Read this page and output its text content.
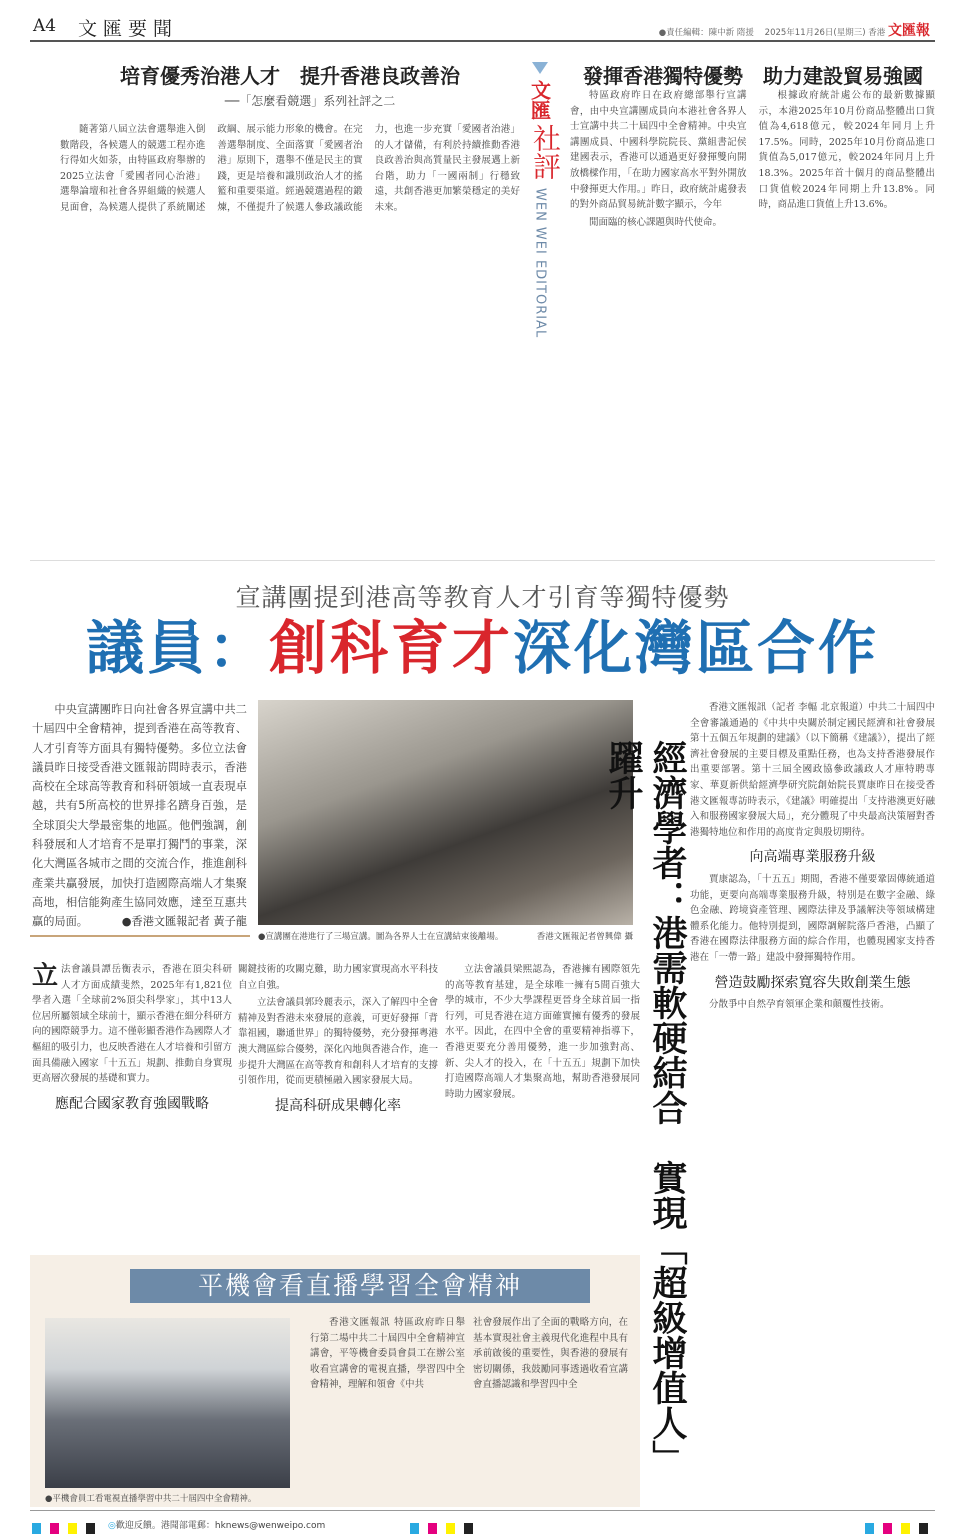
A4 文匯要聞	●責任編輯：陳中新 隋援 2025年11月26日(星期三) 香港 文匯報
培育優秀治港人才　提升香港良政善治
──「怎麼看競選」系列社評之二

隨著第八屆立法會選舉進入倒數階段，各候選人的競選工程亦進行得如火如荼，由特區政府舉辦的2025立法會「愛國者同心治港」選舉論壇和社會各界組織的候選人見面會，為候選人提供了系統闡述政綱、展示能力形象的機會。在完善選舉制度、全面落實「愛國者治港」原則下，選舉不僅是民主的實踐，更是培養和識別政治人才的搖籃和重要渠道。經過競選過程的鍛煉，不僅提升了候選人參政議政能力，也進一步充實「愛國者治港」的人才儲備，有利於持續推動香港良政善治與高質量民主發展邁上新台階，助力「一國兩制」行穩致遠，共創香港更加繁榮穩定的美好未來。

文匯
社評
WEN WEI EDITORIAL
發揮香港獨特優勢　助力建設貿易強國

特區政府昨日在政府總部舉行宣講會，由中央宣講團成員向本港社會各界人士宣講中共二十屆四中全會精神。中央宣講團成員、中國科學院院長、黨組書記侯建國表示，香港可以通過更好發揮雙向開放橋樑作用，「在助力國家高水平對外開放中發揮更大作用。」昨日，政府統計處發表的對外商品貿易統計數字顯示，今年

閒面臨的核心課題與時代使命。

根據政府統計處公布的最新數據顯示，本港2025年10月份商品整體出口貨值為4,618億元，較2024年同月上升17.5%。同時，2025年10月份商品進口貨值為5,017億元，較2024年同月上升18.3%。2025年首十個月的商品整體出口貨值較2024年同期上升13.8%。同時，商品進口貨值上升13.6%。

宣講團提到港高等教育人才引育等獨特優勢
議員：創科育才深化灣區合作
中央宣講團昨日向社會各界宣講中共二十屆四中全會精神，提到香港在高等教育、人才引育等方面具有獨特優勢。多位立法會議員昨日接受香港文匯報訪問時表示，香港高校在全球高等教育和科研領域一直表現卓越，共有5所高校的世界排名躋身百強，是全球頂尖大學最密集的地區。他們強調，創科發展和人才培育不是單打獨鬥的事業，深化大灣區各城市之間的交流合作，推進創科產業共贏發展，加快打造國際高端人才集聚高地，相信能夠產生協同效應，達至互惠共贏的局面。	●香港文匯報記者 黃子龍
●宣講團在港進行了三場宣講。圖為各界人士在宣講結束後離場。	香港文匯報記者曾興偉 攝
立 法會議員譚岳衡表示，香港在頂尖科研人才方面成績斐然，2025年有1,821位學者入選「全球前2%頂尖科學家」，其中13人位居所屬領域全球前十，顯示香港在細分科研方向的國際競爭力。這不僅彰顯香港作為國際人才樞紐的吸引力，也反映香港在人才培養和引留方面具備融入國家「十五五」規劃、推動自身實現更高層次發展的基礎和實力。
應配合國家教育強國戰略

關鍵技術的攻關克難，助力國家實現高水平科技自立自強。

立法會議員郭玲麗表示，深入了解四中全會精神及對香港未來發展的意義，可更好發揮「背靠祖國，聯通世界」的獨特優勢，充分發揮粵港澳大灣區綜合優勢，深化內地與香港合作，進一步提升大灣區在高等教育和創科人才培育的支撐引領作用，從而更積極融入國家發展大局。

提高科研成果轉化率

立法會議員梁熙認為，香港擁有國際領先的高等教育基建，是全球唯一擁有5間百強大學的城市，不少大學課程更晉身全球首屆一指行列，可見香港在這方面確實擁有優秀的發展水平。因此，在四中全會的重要精神指導下，香港更要充分善用優勢，進一步加強對高、新、尖人才的投入，在「十五五」規劃下加快打造國際高端人才集聚高地，幫助香港發展同時助力國家發展。	經濟學者：港需軟硬結合　實現「超級增值人」躍升

香港文匯報訊（記者 李輻 北京報道）中共二十屆四中全會審議通過的《中共中央關於制定國民經濟和社會發展第十五個五年規劃的建議》（以下簡稱《建議》），提出了經濟社會發展的主要目標及重點任務，也為支持香港發展作出重要部署。第十三屆全國政協參政議政人才庫特聘專家、華夏新供給經濟學研究院創始院長賈康昨日在接受香港文匯報專訪時表示，《建議》明確提出「支持港澳更好融入和服務國家發展大局」，充分體現了中央最高決策層對香港獨特地位和作用的高度肯定與殷切期待。

向高端專業服務升級

賈康認為，「十五五」期間，香港不僅要鞏固傳統通道功能，更要向高端專業服務升級，特別是在數字金融、綠色金融、跨境資產管理、國際法律及爭議解決等領域構建體系化能力。他特別提到，國際調解院落戶香港，凸顯了香港在國際法律服務方面的綜合作用，也體現國家支持香港在「一帶一路」建設中發揮獨特作用。

營造鼓勵探索寬容失敗創業生態

分散爭中自然孕育領軍企業和顛覆性技術。

平機會看直播學習全會精神
●平機會員工看電視直播學習中共二十屆四中全會精神。
香港文匯報訊 特區政府昨日舉行第二場中共二十屆四中全會精神宣講會，平等機會委員會員工在辦公室收看宣講會的電視直播，學習四中全會精神，理解和領會《中共
社會發展作出了全面的戰略方向，在基本實現社會主義現代化進程中具有承前啟後的重要性，與香港的發展有密切關係，我鼓勵同事透過收看宣講會直播認識和學習四中全
◎歡迎反饋。港聞部電郵：hknews@wenweipo.com
